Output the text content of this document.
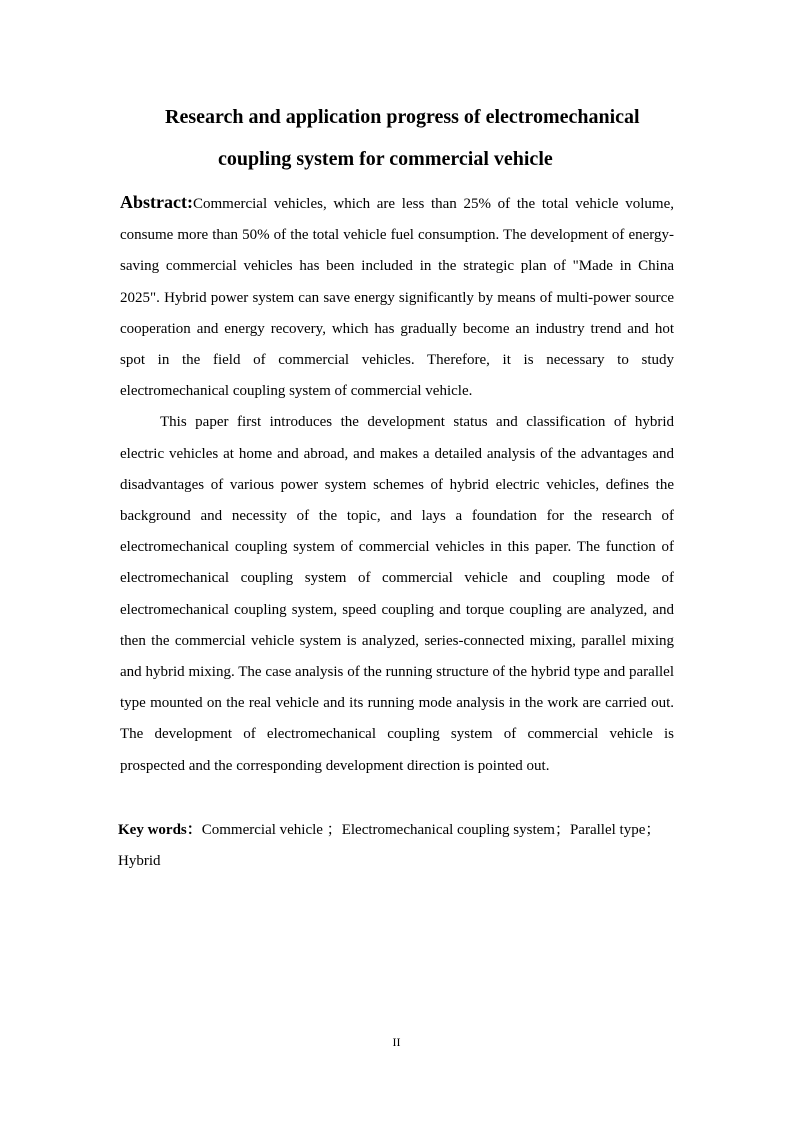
Research and application progress of electromechanical
coupling system for commercial vehicle

Abstract:Commercial vehicles, which are less than 25% of the total vehicle volume, consume more than 50% of the total vehicle fuel consumption. The development of energy-saving commercial vehicles has been included in the strategic plan of "Made in China 2025". Hybrid power system can save energy significantly by means of multi-power source cooperation and energy recovery, which has gradually become an industry trend and hot spot in the field of commercial vehicles. Therefore, it is necessary to study electromechanical coupling system of commercial vehicle.

This paper first introduces the development status and classification of hybrid electric vehicles at home and abroad, and makes a detailed analysis of the advantages and disadvantages of various power system schemes of hybrid electric vehicles, defines the background and necessity of the topic, and lays a foundation for the research of electromechanical coupling system of commercial vehicles in this paper. The function of electromechanical coupling system of commercial vehicle and coupling mode of electromechanical coupling system, speed coupling and torque coupling are analyzed, and then the commercial vehicle system is analyzed, series-connected mixing, parallel mixing and hybrid mixing. The case analysis of the running structure of the hybrid type and parallel type mounted on the real vehicle and its running mode analysis in the work are carried out. The development of electromechanical coupling system of commercial vehicle is prospected and the corresponding development direction is pointed out.

Key words：Commercial vehicle ；Electromechanical coupling system；Parallel type；
Hybrid
II
